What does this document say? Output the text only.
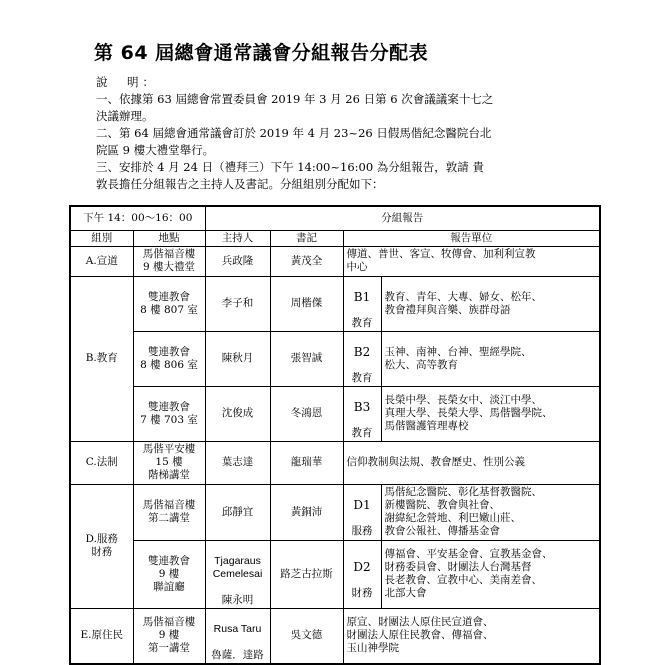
第 64 屆總會通常議會分組報告分配表

說　明：

一、依據第 63 屆總會常置委員會 2019 年 3 月 26 日第 6 次會議議案十七之
決議辦理。

二、第 64 屆總會通常議會訂於 2019 年 4 月 23~26 日假馬偕紀念醫院台北
院區 9 樓大禮堂舉行。

三、安排於 4 月 24 日（禮拜三）下午 14:00~16:00 為分組報告，敦請 貴
敦長擔任分組報告之主持人及書記。分組組別分配如下：

下午 14：00～16：00		分組報告			
組別	地點	主持人	書記	報告單位	
A.宣道	馬偕福音樓
9 樓大禮堂	兵政隆	黃茂全	傳道、普世、客宣、牧傳會、加利利宣教
中心	
B.教育	雙連教會
8 樓 807 室	李子和	周楷傑	B1

教育	教育、青年、大專、婦女、松年、
教會禮拜與音樂、族群母語
	雙連教會
8 樓 806 室	陳秋月	張智誠	B2

教育	玉神、南神、台神、聖經學院、
松大、高等教育
	雙連教會
7 樓 703 室	沈俊成	冬鴻恩	B3

教育	長榮中學、長榮女中、淡江中學、
真理大學、長榮大學、馬偕醫學院、
馬偕醫護管理專校
C.法制	馬偕平安樓
15 樓
階梯講堂	葉志達	龍瑞華	信仰教制與法規、教會歷史、性別公義	
D.服務
財務	馬偕福音樓
第二講堂	邱靜宜	黃銅沛	D1

服務	馬偕紀念醫院、彰化基督教醫院、
新樓醫院、教會與社會、
謝緯紀念營地、利巴嫩山莊、
教會公報社、傳播基金會
	雙連教會
9 樓
聯誼廳	Tjagaraus
Cemelesai

陳永明	路芝古拉斯	D2

財務	傳福會、平安基金會、宣教基金會、
財務委員會、財團法人台灣基督
長老教會、宣教中心、美南差會、
北部大會
E.原住民	馬偕福音樓
9 樓
第一講堂	Rusa Taru

魯薩．達路	吳文德	原宣、財團法人原住民宣道會、
財團法人原住民教會、傳福會、
玉山神學院	
